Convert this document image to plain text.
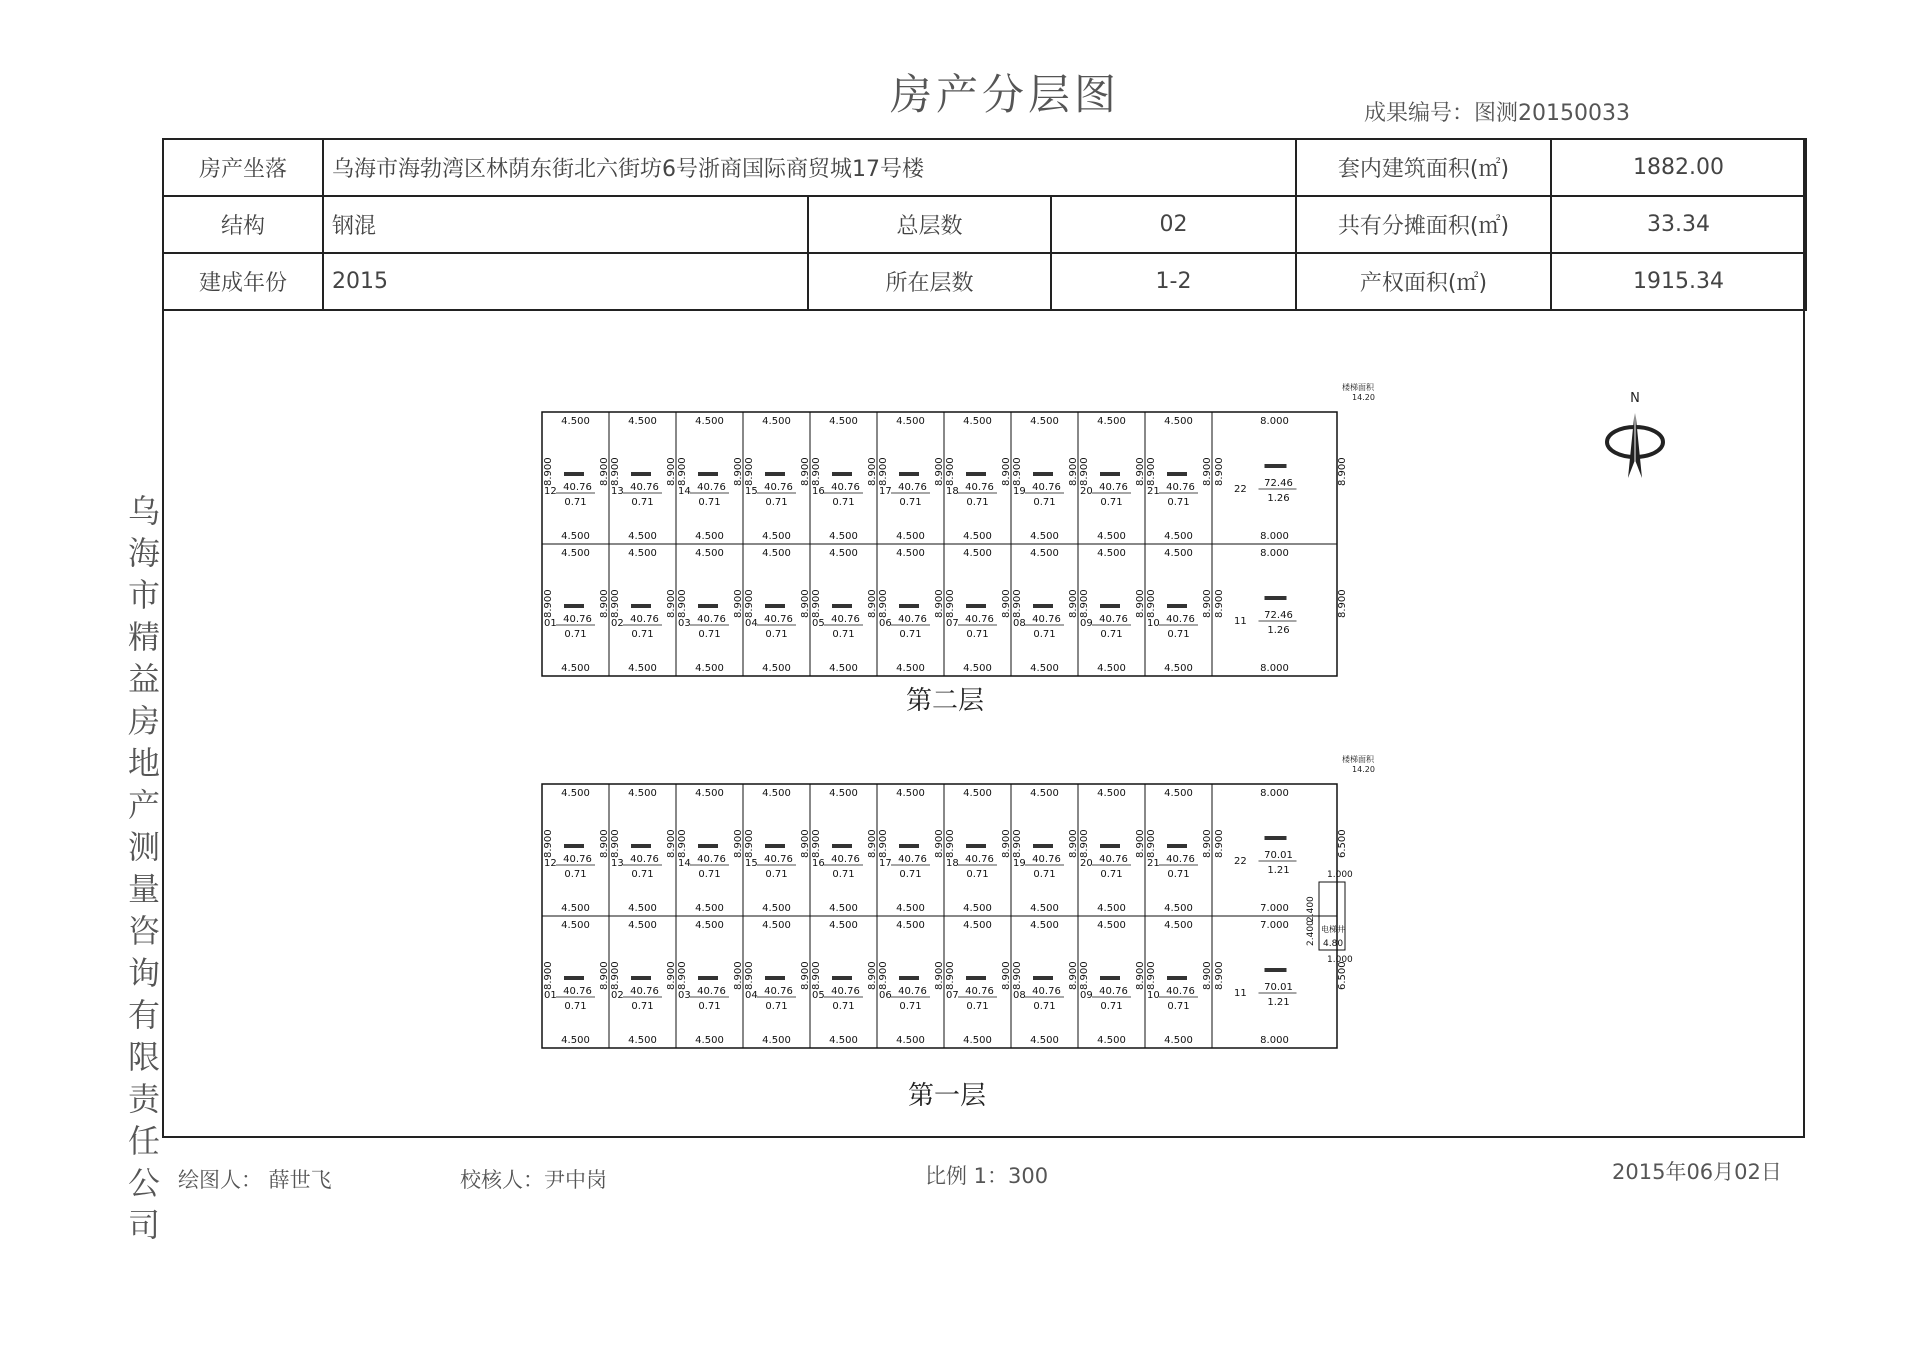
房产分层图	成果编号：图测20150033
房产坐落	乌海市海勃湾区林荫东街北六街坊6号浙商国际商贸城17号楼			套内建筑面积(㎡)	1882.00
结构	钢混	总层数	02	共有分摊面积(㎡)	33.34
建成年份	2015	所在层数	1-2	产权面积(㎡)	1915.34
乌海市精益房地产测量咨询有限责任公司
N
楼梯面积
14.20
4.500
4.500
8.900	8.900
12 40.76
0.71
4.500
4.500
8.900	8.900
13 40.76
0.71
4.500
4.500
8.900	8.900
14 40.76
0.71
4.500
4.500
8.900	8.900
15 40.76
0.71
4.500
4.500
8.900	8.900
16 40.76
0.71
4.500
4.500
8.900	8.900
17 40.76
0.71
4.500
4.500
8.900	8.900
18 40.76
0.71
4.500
4.500
8.900	8.900
19 40.76
0.71
4.500
4.500
8.900	8.900
20 40.76
0.71
4.500
4.500
8.900	8.900
21 40.76
0.71
8.000
8.000
8.900
8.900
22
72.46
1.26
4.500
4.500
8.900	8.900
01 40.76
0.71
4.500
4.500
8.900	8.900
02 40.76
0.71
4.500
4.500
8.900	8.900
03 40.76
0.71
4.500
4.500
8.900	8.900
04 40.76
0.71
4.500
4.500
8.900	8.900
05 40.76
0.71
4.500
4.500
8.900	8.900
06 40.76
0.71
4.500
4.500
8.900	8.900
07 40.76
0.71
4.500
4.500
8.900	8.900
08 40.76
0.71
4.500
4.500
8.900	8.900
09 40.76
0.71
4.500
4.500
8.900	8.900
10 40.76
0.71
8.000
8.000
8.900
8.900
11
72.46
1.26
第二层
楼梯面积
14.20
4.500
4.500
8.900	8.900
12 40.76
0.71
4.500
4.500
8.900	8.900
13 40.76
0.71
4.500
4.500
8.900	8.900
14 40.76
0.71
4.500
4.500
8.900	8.900
15 40.76
0.71
4.500
4.500
8.900	8.900
16 40.76
0.71
4.500
4.500
8.900	8.900
17 40.76
0.71
4.500
4.500
8.900	8.900
18 40.76
0.71
4.500
4.500
8.900	8.900
19 40.76
0.71
4.500
4.500
8.900	8.900
20 40.76
0.71
4.500
4.500
8.900	8.900
21 40.76
0.71
8.000
7.000
6.500
8.900
22
70.01
1.21
4.500
4.500
8.900	8.900
01 40.76
0.71
4.500
4.500
8.900	8.900
02 40.76
0.71
4.500
4.500
8.900	8.900
03 40.76
0.71
4.500
4.500
8.900	8.900
04 40.76
0.71
4.500
4.500
8.900	8.900
05 40.76
0.71
4.500
4.500
8.900	8.900
06 40.76
0.71
4.500
4.500
8.900	8.900
07 40.76
0.71
4.500
4.500
8.900	8.900
08 40.76
0.71
4.500
4.500
8.900	8.900
09 40.76
0.71
4.500
4.500
8.900	8.900
10 40.76
0.71
7.000
8.000
6.500
8.900
11
70.01
1.21
电梯井
4.80
1.000
1.000
2.400
2.400
第一层
绘图人： 薛世飞	校核人：尹中岗	比例 1：300	2015年06月02日
